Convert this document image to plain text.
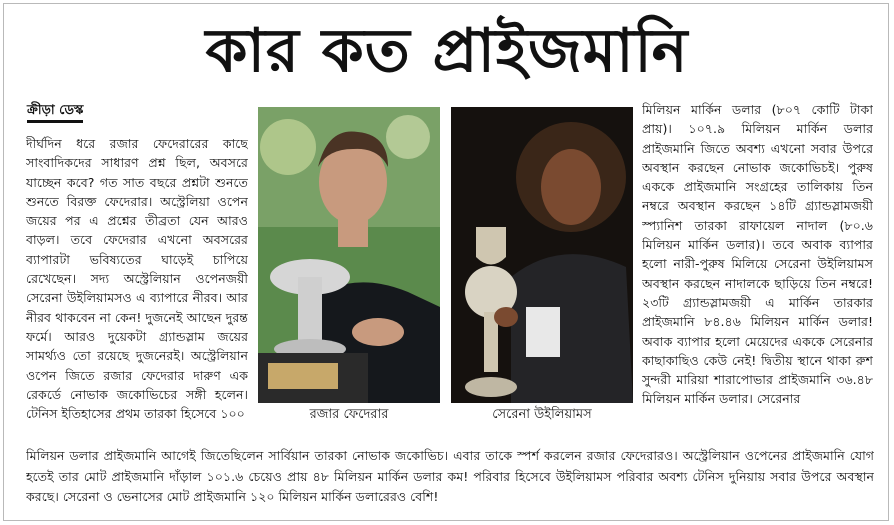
কার কত প্রাইজমানি
ক্রীড়া ডেস্ক

দীর্ঘদিন ধরে রজার ফেদেরারের কাছে সাংবাদিকদের সাধারণ প্রশ্ন ছিল, অবসরে যাচ্ছেন কবে? গত সাত বছরে প্রশ্নটা শুনতে শুনতে বিরক্ত ফেদেরার। অস্ট্রেলিয়া ওপেন জয়ের পর এ প্রশ্নের তীব্রতা যেন আরও বাড়ল। তবে ফেদেরার এখনো অবসরের ব্যাপারটা ভবিষ্যতের ঘাড়েই চাপিয়ে রেখেছেন। সদ্য অস্ট্রেলিয়ান ওপেনজয়ী সেরেনা উইলিয়ামসও এ ব্যাপারে নীরব। আর নীরব থাকবেন না কেন! দুজনেই আছেন দুরন্ত ফর্মে। আরও দুয়েকটা গ্র্যান্ডস্লাম জয়ের সামর্থ্যও তো রয়েছে দুজনেরই। অস্ট্রেলিয়ান ওপেন জিতে রজার ফেদেরার দারুণ এক রেকর্ডে নোভাক জকোভিচের সঙ্গী হলেন। টেনিস ইতিহাসের প্রথম তারকা হিসেবে ১০০	রজার ফেদেরার	সেরেনা উইলিয়ামস

মিলিয়ন মার্কিন ডলার (৮০৭ কোটি টাকা প্রায়)। ১০৭.৯ মিলিয়ন মার্কিন ডলার প্রাইজমানি জিতে অবশ্য এখনো সবার উপরে অবস্থান করছেন নোভাক জকোভিচই। পুরুষ এককে প্রাইজমানি সংগ্রহের তালিকায় তিন নম্বরে অবস্থান করছেন ১৪টি গ্র্যান্ডস্লামজয়ী স্প্যানিশ তারকা রাফায়েল নাদাল (৮০.৬ মিলিয়ন মার্কিন ডলার)। তবে অবাক ব্যাপার হলো নারী-পুরুষ মিলিয়ে সেরেনা উইলিয়ামস অবস্থান করছেন নাদালকে ছাড়িয়ে তিন নম্বরে! ২৩টি গ্র্যান্ডস্লামজয়ী এ মার্কিন তারকার প্রাইজমানি ৮৪.৪৬ মিলিয়ন মার্কিন ডলার! অবাক ব্যাপার হলো মেয়েদের এককে সেরেনার কাছাকাছিও কেউ নেই! দ্বিতীয় স্থানে থাকা রুশ সুন্দরী মারিয়া শারাপোভার প্রাইজমানি ৩৬.৪৮ মিলিয়ন মার্কিন ডলার। সেরেনার

মিলিয়ন ডলার প্রাইজমানি আগেই জিতেছিলেন সার্বিয়ান তারকা নোভাক জকোভিচ। এবার তাকে স্পর্শ করলেন রজার ফেদেরারও। অস্ট্রেলিয়ান ওপেনের প্রাইজমানি যোগ হতেই তার মোট প্রাইজমানি দাঁড়াল ১০১.৬ চেয়েও প্রায় ৪৮ মিলিয়ন মার্কিন ডলার কম! পরিবার হিসেবে উইলিয়ামস পরিবার অবশ্য টেনিস দুনিয়ায় সবার উপরে অবস্থান করছে। সেরেনা ও ভেনাসের মোট প্রাইজমানি ১২০ মিলিয়ন মার্কিন ডলারেরও বেশি!
